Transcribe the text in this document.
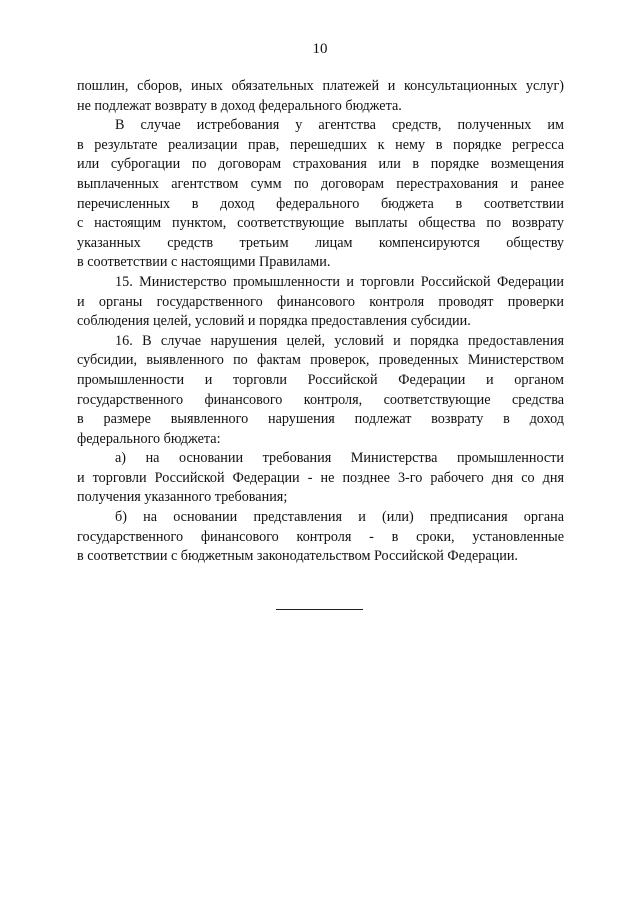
10
пошлин, сборов, иных обязательных платежей и консультационных услуг)
не подлежат возврату в доход федерального бюджета.
В случае истребования у агентства средств, полученных им
в результате реализации прав, перешедших к нему в порядке регресса
или суброгации по договорам страхования или в порядке возмещения
выплаченных агентством сумм по договорам перестрахования и ранее
перечисленных в доход федерального бюджета в соответствии
с настоящим пунктом, соответствующие выплаты общества по возврату
указанных средств третьим лицам компенсируются обществу
в соответствии с настоящими Правилами.
15. Министерство промышленности и торговли Российской Федерации
и органы государственного финансового контроля проводят проверки
соблюдения целей, условий и порядка предоставления субсидии.
16. В случае нарушения целей, условий и порядка предоставления
субсидии, выявленного по фактам проверок, проведенных Министерством
промышленности и торговли Российской Федерации и органом
государственного финансового контроля, соответствующие средства
в размере выявленного нарушения подлежат возврату в доход
федерального бюджета:
а) на основании требования Министерства промышленности
и торговли Российской Федерации - не позднее 3-го рабочего дня со дня
получения указанного требования;
б) на основании представления и (или) предписания органа
государственного финансового контроля - в сроки, установленные
в соответствии с бюджетным законодательством Российской Федерации.
